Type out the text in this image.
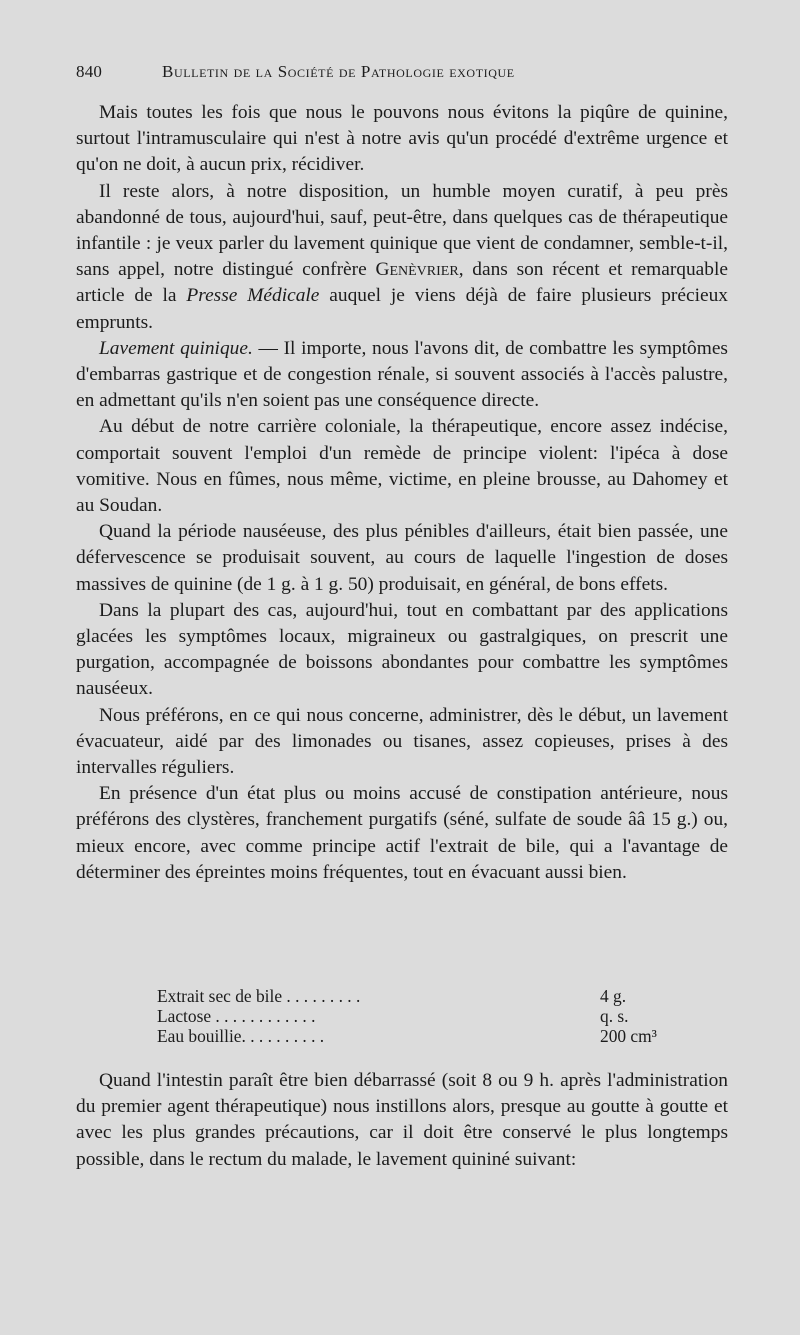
840	Bulletin de la Société de Pathologie exotique

Mais toutes les fois que nous le pouvons nous évitons la piqûre de quinine, surtout l'intramusculaire qui n'est à notre avis qu'un procédé d'extrême urgence et qu'on ne doit, à aucun prix, récidiver.

Il reste alors, à notre disposition, un humble moyen curatif, à peu près abandonné de tous, aujourd'hui, sauf, peut-être, dans quelques cas de thérapeutique infantile : je veux parler du lavement quinique que vient de condamner, semble-t-il, sans appel, notre distingué confrère Genèvrier, dans son récent et remarquable article de la Presse Médicale auquel je viens déjà de faire plusieurs précieux emprunts.

Lavement quinique. — Il importe, nous l'avons dit, de combattre les symptômes d'embarras gastrique et de congestion rénale, si souvent associés à l'accès palustre, en admettant qu'ils n'en soient pas une conséquence directe.

Au début de notre carrière coloniale, la thérapeutique, encore assez indécise, comportait souvent l'emploi d'un remède de principe violent: l'ipéca à dose vomitive. Nous en fûmes, nous même, victime, en pleine brousse, au Dahomey et au Soudan.

Quand la période nauséeuse, des plus pénibles d'ailleurs, était bien passée, une défervescence se produisait souvent, au cours de laquelle l'ingestion de doses massives de quinine (de 1 g. à 1 g. 50) produisait, en général, de bons effets.

Dans la plupart des cas, aujourd'hui, tout en combattant par des applications glacées les symptômes locaux, migraineux ou gastralgiques, on prescrit une purgation, accompagnée de boissons abondantes pour combattre les symptômes nauséeux.

Nous préférons, en ce qui nous concerne, administrer, dès le début, un lavement évacuateur, aidé par des limonades ou tisanes, assez copieuses, prises à des intervalles réguliers.

En présence d'un état plus ou moins accusé de constipation antérieure, nous préférons des clystères, franchement purgatifs (séné, sulfate de soude ââ 15 g.) ou, mieux encore, avec comme principe actif l'extrait de bile, qui a l'avantage de déterminer des épreintes moins fréquentes, tout en évacuant aussi bien.

Extrait sec de bile . . . . . . . . .	4 g.
Lactose . . . . . . . . . . . .	q. s.
Eau bouillie. . . . . . . . . .	200 cm³

Quand l'intestin paraît être bien débarrassé (soit 8 ou 9 h. après l'administration du premier agent thérapeutique) nous instillons alors, presque au goutte à goutte et avec les plus grandes précautions, car il doit être conservé le plus longtemps possible, dans le rectum du malade, le lavement quininé suivant:
